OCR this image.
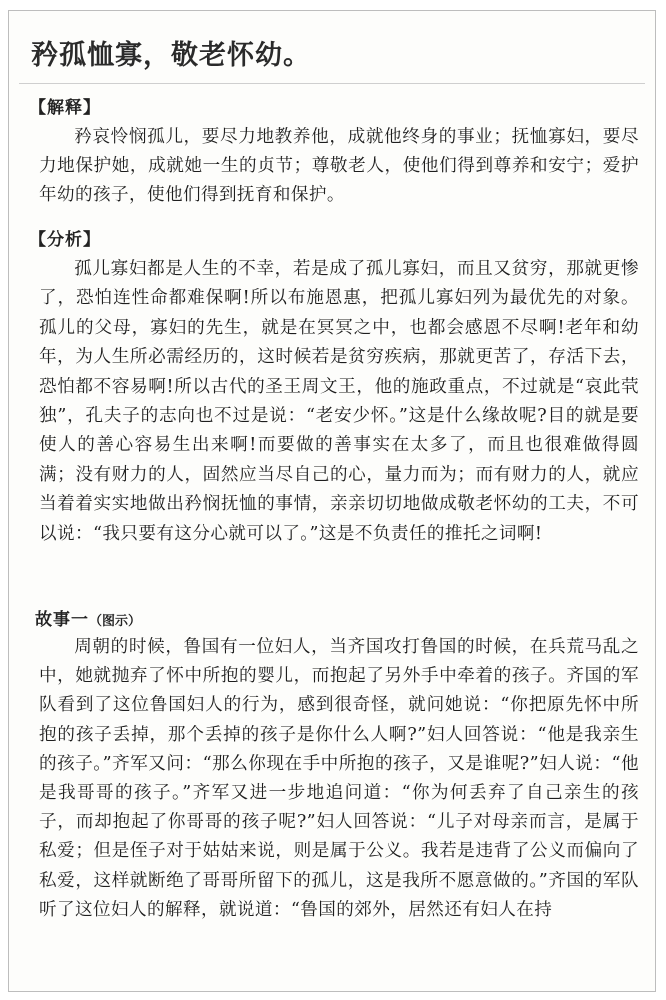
矜孤恤寡，敬老怀幼。
【解释】

矜哀怜悯孤儿，要尽力地教养他，成就他终身的事业；抚恤寡妇，要尽力地保护她，成就她一生的贞节；尊敬老人，使他们得到尊养和安宁；爱护年幼的孩子，使他们得到抚育和保护。

【分析】

孤儿寡妇都是人生的不幸，若是成了孤儿寡妇，而且又贫穷，那就更惨了，恐怕连性命都难保啊!所以布施恩惠，把孤儿寡妇列为最优先的对象。孤儿的父母，寡妇的先生，就是在冥冥之中，也都会感恩不尽啊!老年和幼年，为人生所必需经历的，这时候若是贫穷疾病，那就更苦了，存活下去，恐怕都不容易啊!所以古代的圣王周文王，他的施政重点，不过就是“哀此茕独”，孔夫子的志向也不过是说：“老安少怀。”这是什么缘故呢?目的就是要使人的善心容易生出来啊!而要做的善事实在太多了，而且也很难做得圆满；没有财力的人，固然应当尽自己的心，量力而为；而有财力的人，就应当着着实实地做出矜悯抚恤的事情，亲亲切切地做成敬老怀幼的工夫，不可以说：“我只要有这分心就可以了。”这是不负责任的推托之词啊!

故事一（图示）

周朝的时候，鲁国有一位妇人，当齐国攻打鲁国的时候，在兵荒马乱之中，她就抛弃了怀中所抱的婴儿，而抱起了另外手中牵着的孩子。齐国的军队看到了这位鲁国妇人的行为，感到很奇怪，就问她说：“你把原先怀中所抱的孩子丢掉，那个丢掉的孩子是你什么人啊?”妇人回答说：“他是我亲生的孩子。”齐军又问：“那么你现在手中所抱的孩子，又是谁呢?”妇人说：“他是我哥哥的孩子。”齐军又进一步地追问道：“你为何丢弃了自己亲生的孩子，而却抱起了你哥哥的孩子呢?”妇人回答说：“儿子对母亲而言，是属于私爱；但是侄子对于姑姑来说，则是属于公义。我若是违背了公义而偏向了私爱，这样就断绝了哥哥所留下的孤儿，这是我所不愿意做的。”齐国的军队听了这位妇人的解释，就说道：“鲁国的郊外，居然还有妇人在持
